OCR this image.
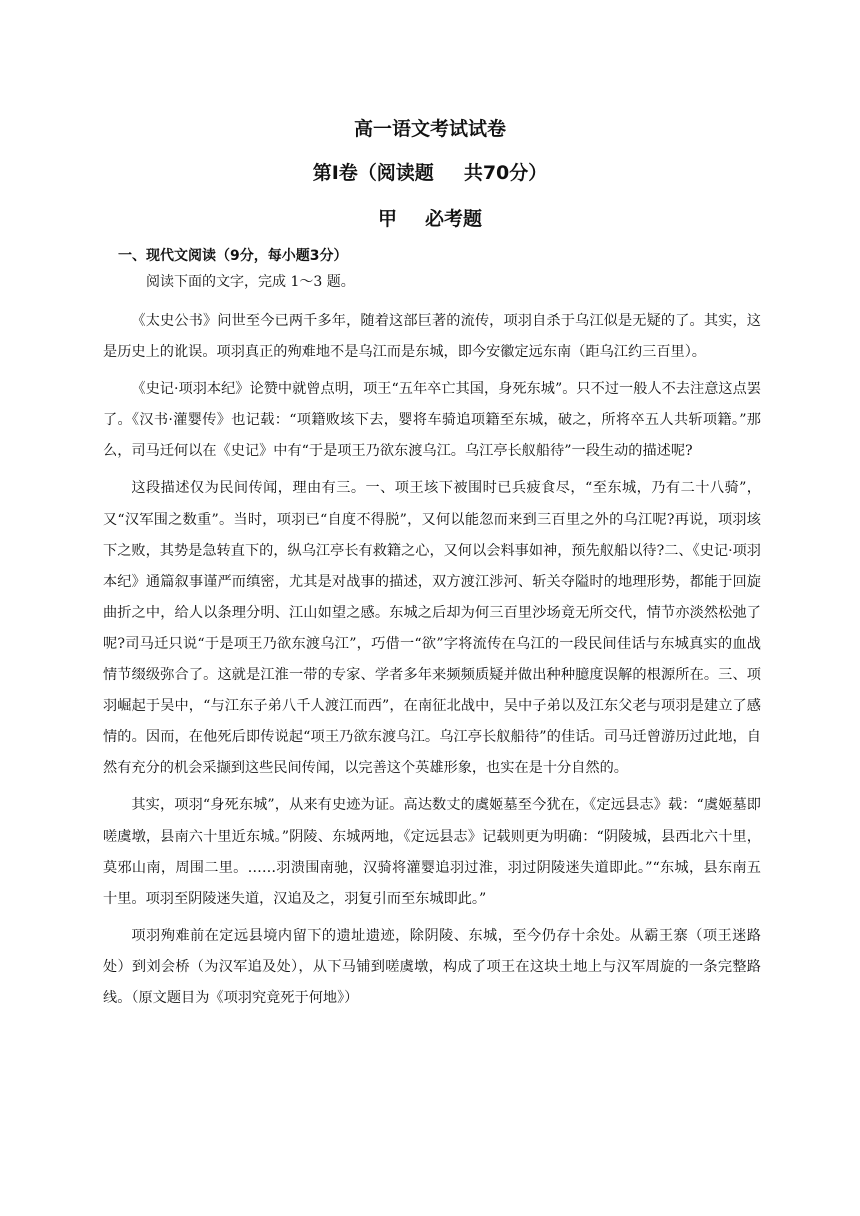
高一语文考试试卷
第Ⅰ卷（阅读题 共70分）
甲 必考题
一、现代文阅读（9分，每小题3分）
阅读下面的文字，完成 1～3 题。

《太史公书》问世至今已两千多年，随着这部巨著的流传，项羽自杀于乌江似是无疑的了。其实，这是历史上的讹误。项羽真正的殉难地不是乌江而是东城，即今安徽定远东南（距乌江约三百里）。

《史记·项羽本纪》论赞中就曾点明，项王“五年卒亡其国，身死东城”。只不过一般人不去注意这点罢了。《汉书·灌婴传》也记载：“项籍败垓下去，婴将车骑追项籍至东城，破之，所将卒五人共斩项籍。”那么，司马迁何以在《史记》中有“于是项王乃欲东渡乌江。乌江亭长舣船待”一段生动的描述呢?

这段描述仅为民间传闻，理由有三。一、项王垓下被围时已兵疲食尽，“至东城，乃有二十八骑”，又“汉军围之数重”。当时，项羽已“自度不得脱”，又何以能忽而来到三百里之外的乌江呢?再说，项羽垓下之败，其势是急转直下的，纵乌江亭长有救籍之心，又何以会料事如神，预先舣船以待?二、《史记·项羽本纪》通篇叙事谨严而缜密，尤其是对战事的描述，双方渡江涉河、斩关夺隘时的地理形势，都能于回旋曲折之中，给人以条理分明、江山如望之感。东城之后却为何三百里沙场竟无所交代，情节亦淡然松弛了呢?司马迁只说“于是项王乃欲东渡乌江”，巧借一“欲”字将流传在乌江的一段民间佳话与东城真实的血战情节缀级弥合了。这就是江淮一带的专家、学者多年来频频质疑并做出种种臆度误解的根源所在。三、项羽崛起于吴中，“与江东子弟八千人渡江而西”，在南征北战中，吴中子弟以及江东父老与项羽是建立了感情的。因而，在他死后即传说起“项王乃欲东渡乌江。乌江亭长舣船待”的佳话。司马迁曾游历过此地，自然有充分的机会采撷到这些民间传闻，以完善这个英雄形象，也实在是十分自然的。

其实，项羽“身死东城”，从来有史迹为证。高达数丈的虞姬墓至今犹在，《定远县志》载：“虞姬墓即嗟虞墩，县南六十里近东城。”阴陵、东城两地，《定远县志》记载则更为明确：“阴陵城，县西北六十里，莫邪山南，周围二里。……羽溃围南驰，汉骑将灌婴追羽过淮，羽过阴陵迷失道即此。”“东城，县东南五十里。项羽至阴陵迷失道，汉追及之，羽复引而至东城即此。”

项羽殉难前在定远县境内留下的遗址遗迹，除阴陵、东城，至今仍存十余处。从霸王寨（项王迷路处）到刘会桥（为汉军追及处），从下马铺到嗟虞墩，构成了项王在这块土地上与汉军周旋的一条完整路线。（原文题目为《项羽究竟死于何地》）
